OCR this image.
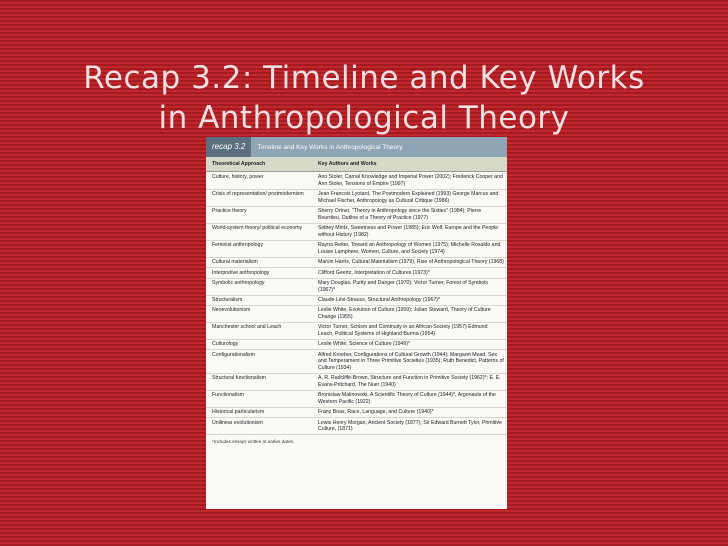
Recap 3.2: Timeline and Key Works
in Anthropological Theory
recap 3.2	Timeline and Key Works in Anthropological Theory
Theoretical Approach	Key Authors and Works
Culture, history, power	Ann Stoler, Carnal Knowledge and Imperial Power (2002); Frederick Cooper and Ann Stoler, Tensions of Empire (1997)
Crisis of representation/ postmodernism	Jean Francois Lyotard, The Postmodern Explained (1993) George Marcus and Michael Fischer, Anthropology as Cultural Critique (1986)
Practice theory	Sherry Ortner, "Theory in Anthropology since the Sixties" (1984); Pierre Bourdieu, Outline of a Theory of Practice (1977)
World-system theory/ political economy	Sidney Mintz, Sweetness and Power (1985); Eric Wolf, Europe and the People without History (1982)
Feminist anthropology	Rayna Reiter, Toward an Anthropology of Women (1975); Michelle Rosaldo and Louise Lamphere, Women, Culture, and Society (1974)
Cultural materialism	Marvin Harris, Cultural Materialism (1979), Rise of Anthropological Theory (1968)
Interpretive anthropology	Clifford Geertz, Interpretation of Cultures (1973)*
Symbolic anthropology	Mary Douglas, Purity and Danger (1970); Victor Turner, Forest of Symbols (1967)*
Structuralism	Claude Lévi-Strauss, Structural Anthropology (1967)*
Neoevolutionism	Leslie White, Evolution of Culture (1959); Julian Steward, Theory of Culture Change (1955)
Manchester school and Leach	Victor Turner, Schism and Continuity in an African Society (1957) Edmund Leach, Political Systems of Highland Burma (1954)
Culturology	Leslie White, Science of Culture (1949)*
Configurationalism	Alfred Kroeber, Configurations of Cultural Growth (1944); Margaret Mead, Sex and Temperament in Three Primitive Societies (1935); Ruth Benedict, Patterns of Culture (1934)
Structural functionalism	A. R. Radcliffe-Brown, Structure and Function in Primitive Society (1962)*; E. E. Evans-Pritchard, The Nuer (1940)
Functionalism	Bronislaw Malinowski, A Scientific Theory of Culture (1944)*, Argonauts of the Western Pacific (1922)
Historical particularism	Franz Boas, Race, Language, and Culture (1940)*
Unilinear evolutionism	Lewis Henry Morgan, Ancient Society (1877); Sir Edward Burnett Tylor, Primitive Culture, (1871)
*Includes essays written at earlier dates.
